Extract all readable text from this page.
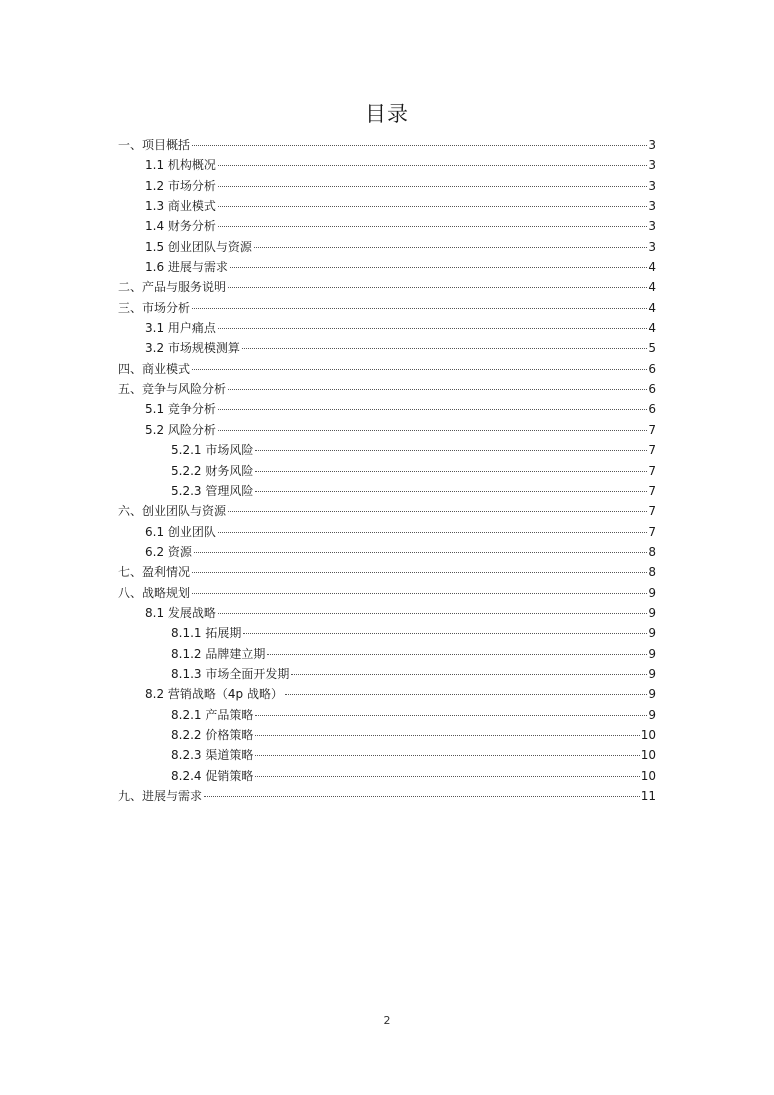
目录
一、项目概括	3
1.1 机构概况	3
1.2 市场分析	3
1.3 商业模式	3
1.4 财务分析	3
1.5 创业团队与资源	3
1.6 进展与需求	4
二、产品与服务说明	4
三、市场分析	4
3.1 用户痛点	4
3.2 市场规模测算	5
四、商业模式	6
五、竞争与风险分析	6
5.1 竞争分析	6
5.2 风险分析	7
5.2.1 市场风险	7
5.2.2 财务风险	7
5.2.3 管理风险	7
六、创业团队与资源	7
6.1 创业团队	7
6.2 资源	8
七、盈利情况	8
八、战略规划	9
8.1 发展战略	9
8.1.1 拓展期	9
8.1.2 品牌建立期	9
8.1.3 市场全面开发期	9
8.2 营销战略（4p 战略）	9
8.2.1 产品策略	9
8.2.2 价格策略	10
8.2.3 渠道策略	10
8.2.4 促销策略	10
九、进展与需求	11
2
